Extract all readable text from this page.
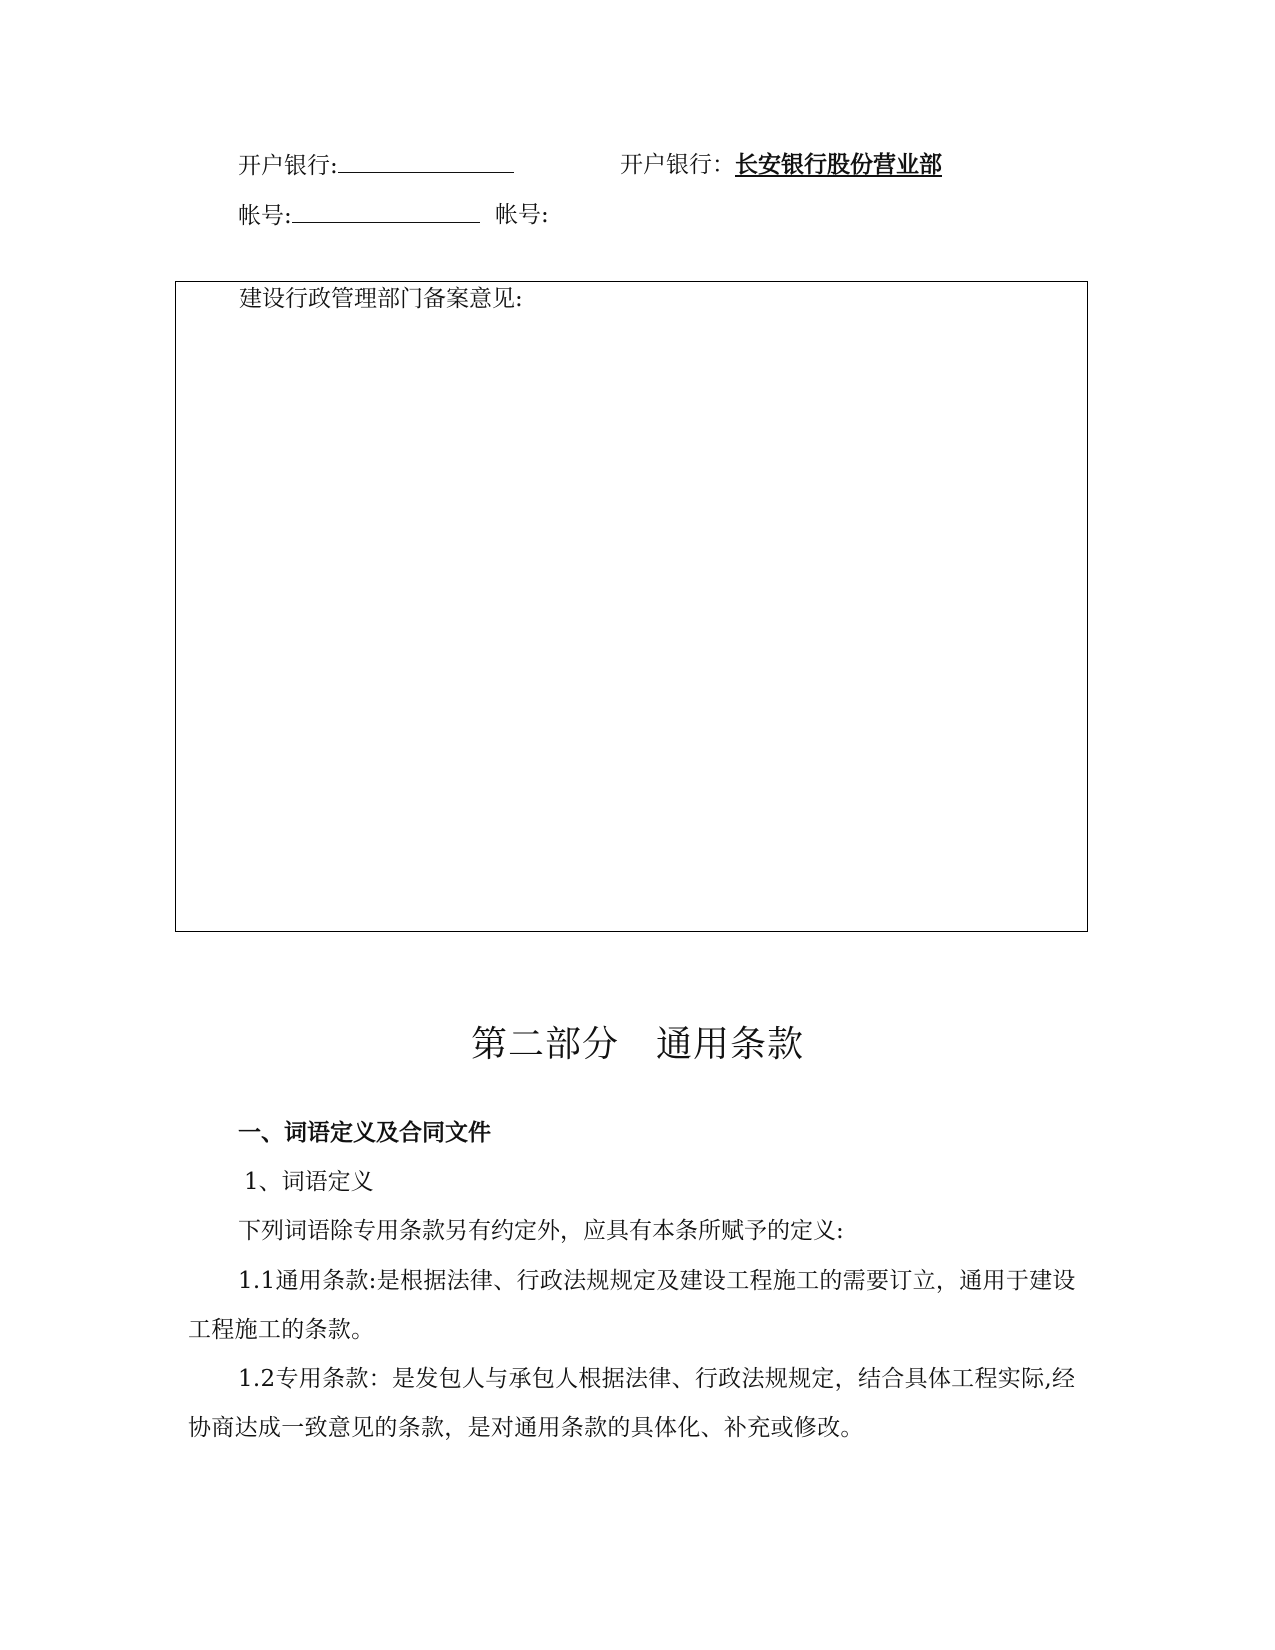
开户银行:	开户银行：长安银行股份营业部
帐号:	帐号:
建设行政管理部门备案意见:
第二部分　通用条款
一、词语定义及合同文件
1、词语定义
下列词语除专用条款另有约定外，应具有本条所赋予的定义:
1.1通用条款:是根据法律、行政法规规定及建设工程施工的需要订立，通用于建设工程施工的条款。
1.2专用条款：是发包人与承包人根据法律、行政法规规定，结合具体工程实际,经协商达成一致意见的条款，是对通用条款的具体化、补充或修改。
